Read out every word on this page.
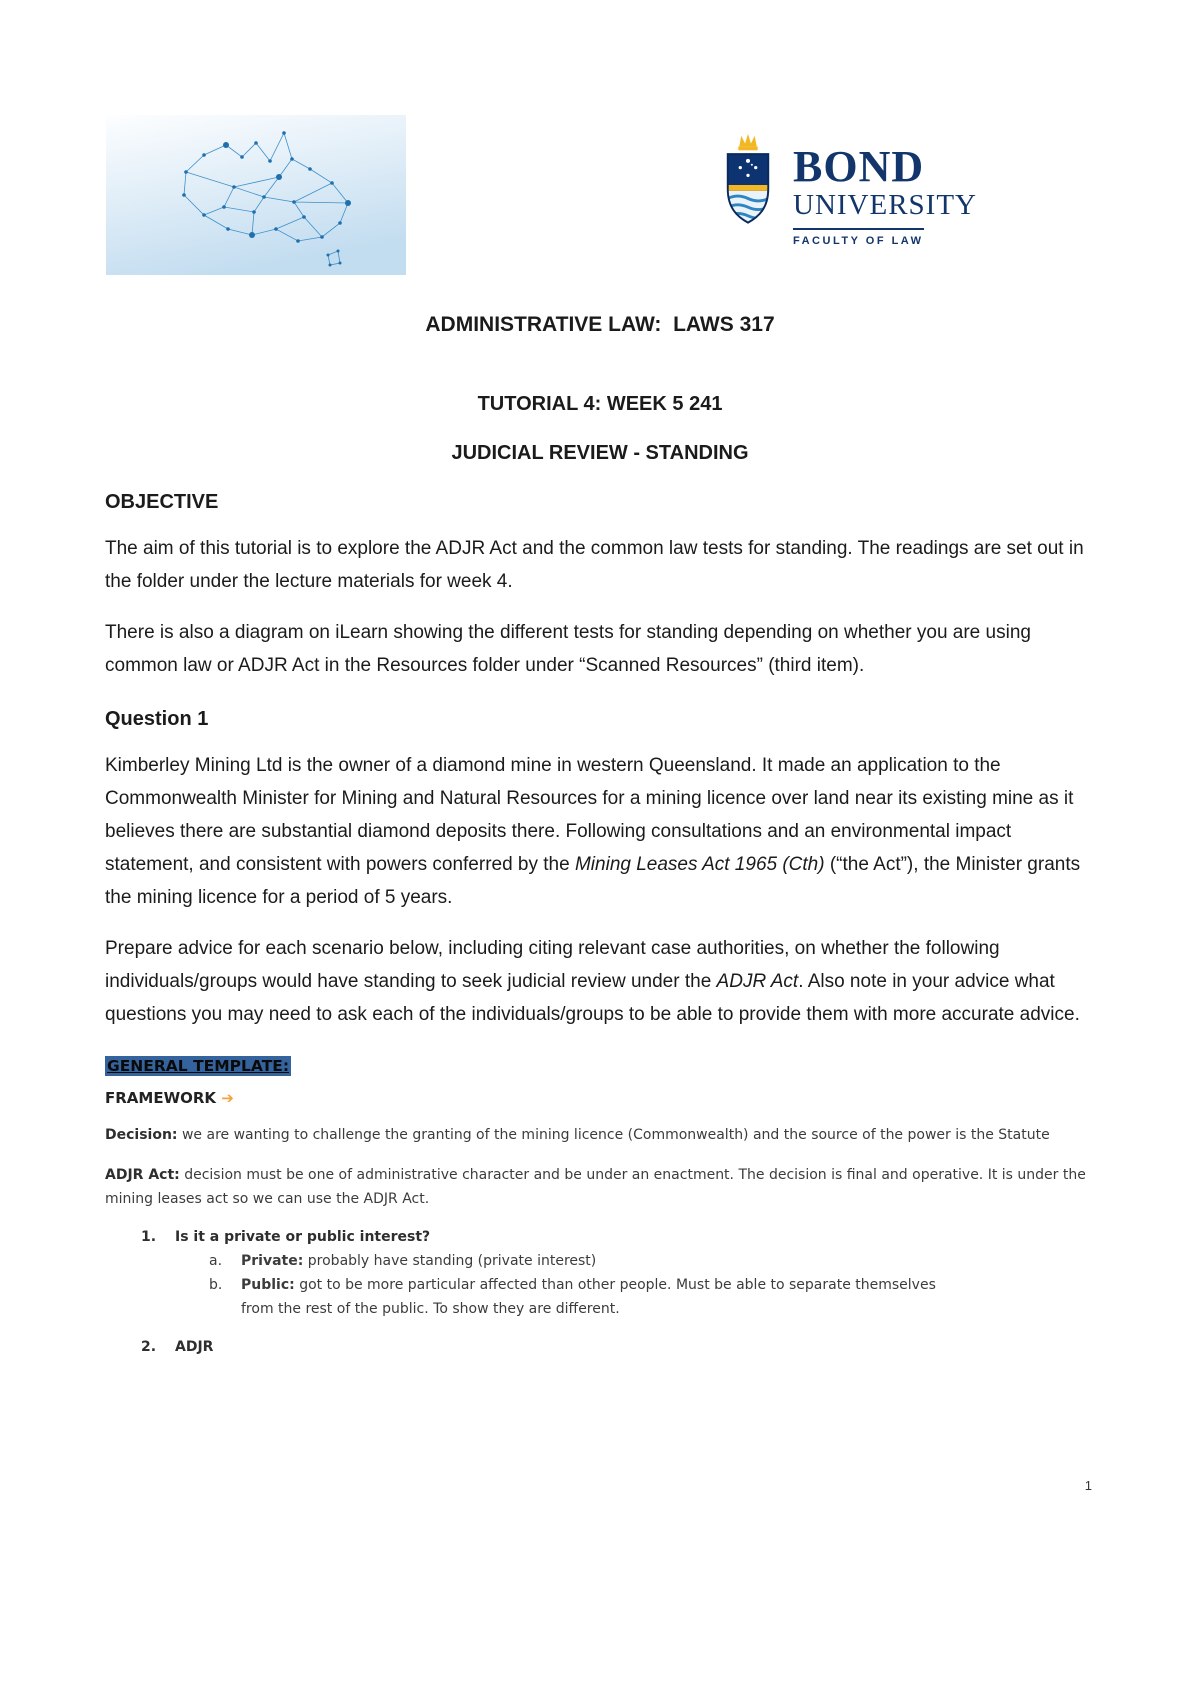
BOND
UNIVERSITY
FACULTY OF LAW
ADMINISTRATIVE LAW:  LAWS 317
TUTORIAL 4: WEEK 5 241
JUDICIAL REVIEW - STANDING
OBJECTIVE

The aim of this tutorial is to explore the ADJR Act and the common law tests for standing. The readings are set out in the folder under the lecture materials for week 4.

There is also a diagram on iLearn showing the different tests for standing depending on whether you are using common law or ADJR Act in the Resources folder under “Scanned Resources” (third item).

Question 1

Kimberley Mining Ltd is the owner of a diamond mine in western Queensland. It made an application to the Commonwealth Minister for Mining and Natural Resources for a mining licence over land near its existing mine as it believes there are substantial diamond deposits there. Following consultations and an environmental impact statement, and consistent with powers conferred by the Mining Leases Act 1965 (Cth) (“the Act”), the Minister grants the mining licence for a period of 5 years.

Prepare advice for each scenario below, including citing relevant case authorities, on whether the following individuals/groups would have standing to seek judicial review under the ADJR Act. Also note in your advice what questions you may need to ask each of the individuals/groups to be able to provide them with more accurate advice.

GENERAL TEMPLATE:
FRAMEWORK ➔

Decision: we are wanting to challenge the granting of the mining licence (Commonwealth) and the source of the power is the Statute

ADJR Act: decision must be one of administrative character and be under an enactment. The decision is final and operative. It is under the mining leases act so we can use the ADJR Act.

1.	Is it a private or public interest?
a.	Private: probably have standing (private interest)
b.	Public: got to be more particular affected than other people. Must be able to separate themselves from the rest of the public. To show they are different.
2.	ADJR
1
